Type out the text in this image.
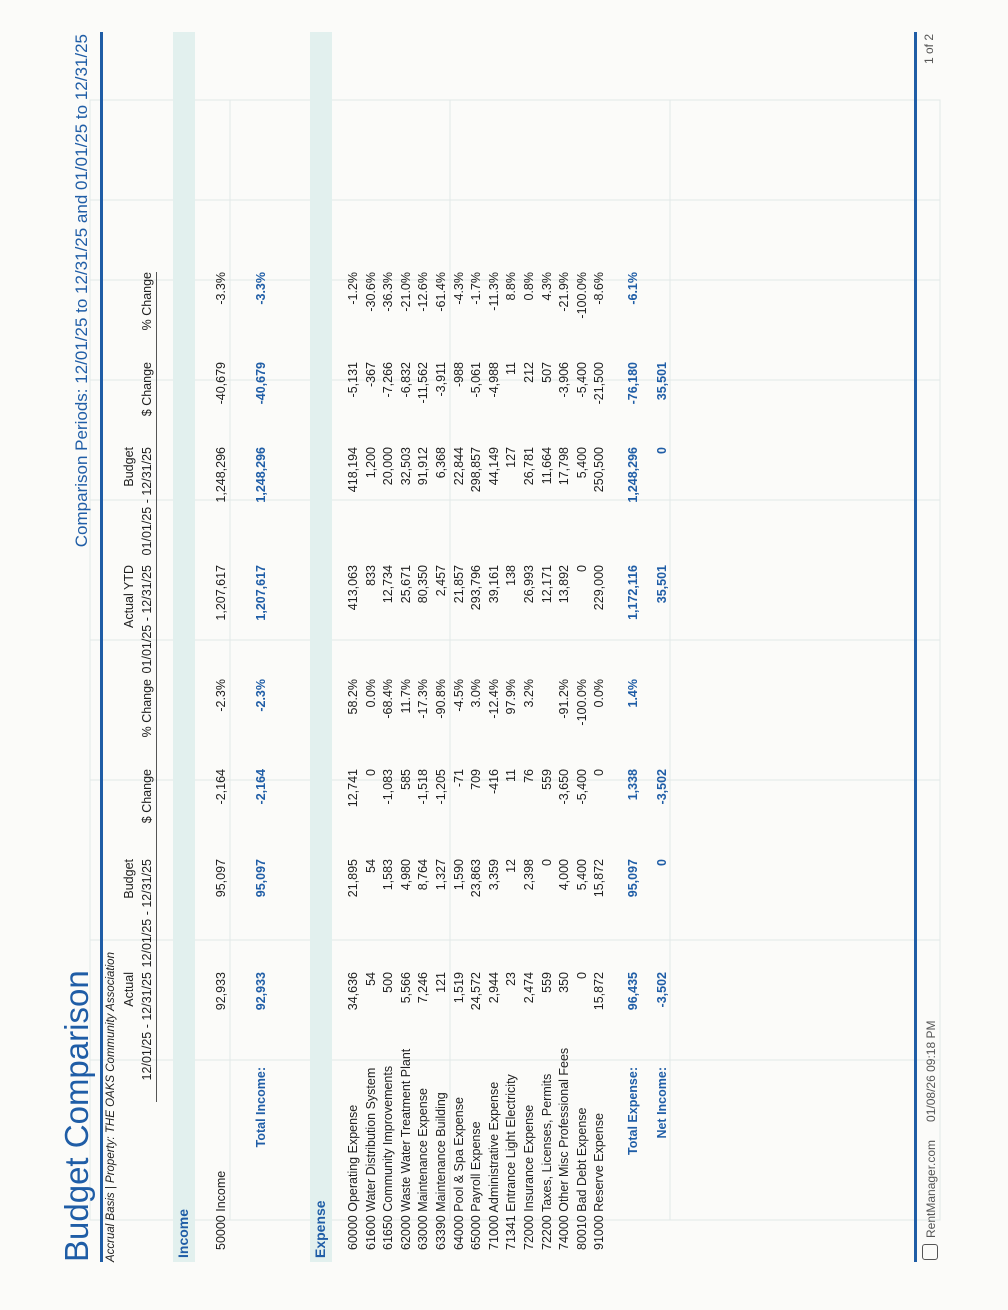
Budget Comparison
Comparison Periods: 12/01/25 to 12/31/25 and 01/01/25 to 12/31/25
Accrual Basis | Property: THE OAKS Community Association Actual 12/01/25 - 12/31/25
Budget 12/01/25 - 12/31/25

$ Change

% Change
Actual YTD 01/01/25 - 12/31/25
Budget 01/01/25 - 12/31/25

$ Change

% Change
Income 50000 Income
92,933
95,097
-2,164
-2.3%
1,207,617
1,248,296
-40,679
-3.3%
Total Income:
92,933
95,097
-2,164
-2.3%
1,207,617
1,248,296
-40,679
-3.3%
Expense 60000 Operating Expense
34,636
21,895
12,741
58.2%
413,063
418,194
-5,131
-1.2%
61600 Water Distribution System
54
54
0
0.0%
833
1,200
-367
-30.6%
61650 Community Improvements
500
1,583
-1,083
-68.4%
12,734
20,000
-7,266
-36.3%
62000 Waste Water Treatment Plant
5,566
4,980
585
11.7%
25,671
32,503
-6,832
-21.0%
63000 Maintenance Expense
7,246
8,764
-1,518
-17.3%
80,350
91,912
-11,562
-12.6%
63390 Maintenance Building
121
1,327
-1,205
-90.8%
2,457
6,368
-3,911
-61.4%
64000 Pool & Spa Expense
1,519
1,590
-71
-4.5%
21,857
22,844
-988
-4.3%
65000 Payroll Expense
24,572
23,863
709
3.0%
293,796
298,857
-5,061
-1.7%
71000 Administrative Expense
2,944
3,359
-416
-12.4%
39,161
44,149
-4,988
-11.3%
71341 Entrance Light Electricity
23
12
11
97.9%
138
127
11
8.8%
72000 Insurance Expense
2,474
2,398
76
3.2%
26,993
26,781
212
0.8%
72200 Taxes, Licenses, Permits
559
0
559
12,171
11,664
507
4.3%
74000 Other Misc Professional Fees
350
4,000
-3,650
-91.2%
13,892
17,798
-3,906
-21.9%
80010 Bad Debt Expense
0
5,400
-5,400
-100.0%
0
5,400
-5,400
-100.0%
91000 Reserve Expense
15,872
15,872
0
0.0%
229,000
250,500
-21,500
-8.6%
Total Expense:
96,435
95,097
1,338
1.4%
1,172,116
1,248,296
-76,180
-6.1%
Net Income:
-3,502
0
-3,502
35,501
0
35,501
RentManager.com01/08/26 09:18 PM
1 of 2
